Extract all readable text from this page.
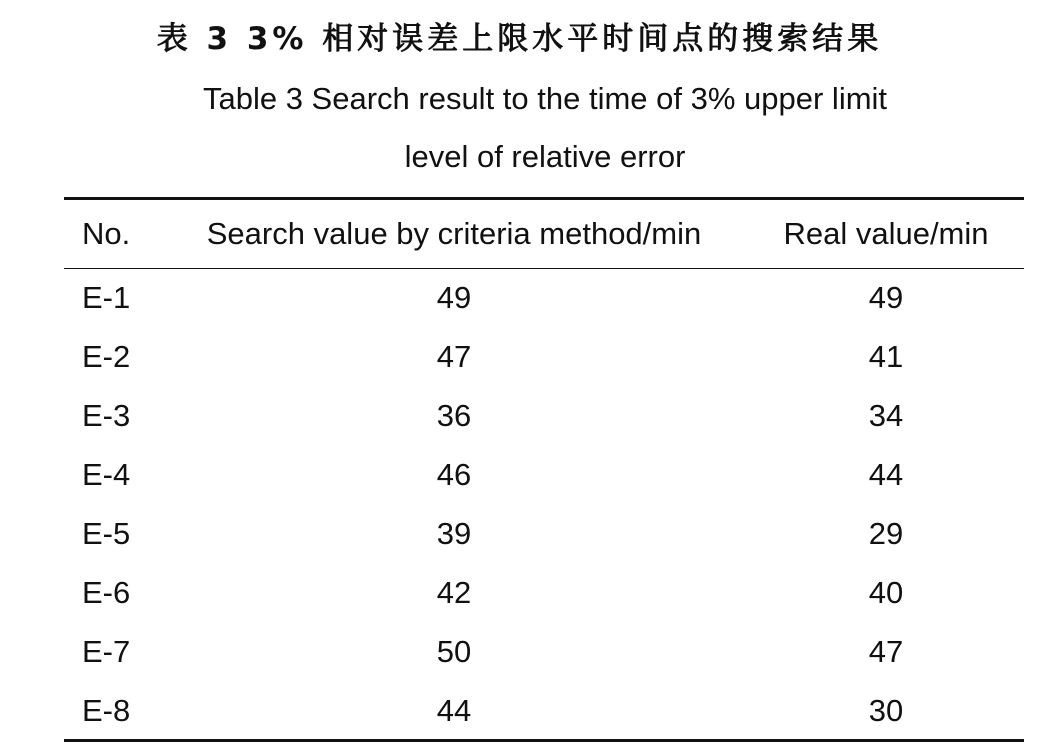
表 3 3% 相对误差上限水平时间点的搜索结果
Table 3 Search result to the time of 3% upper limit
level of relative error
No.	Search value by criteria method/min	Real value/min
E-1	49	49
E-2	47	41
E-3	36	34
E-4	46	44
E-5	39	29
E-6	42	40
E-7	50	47
E-8	44	30
